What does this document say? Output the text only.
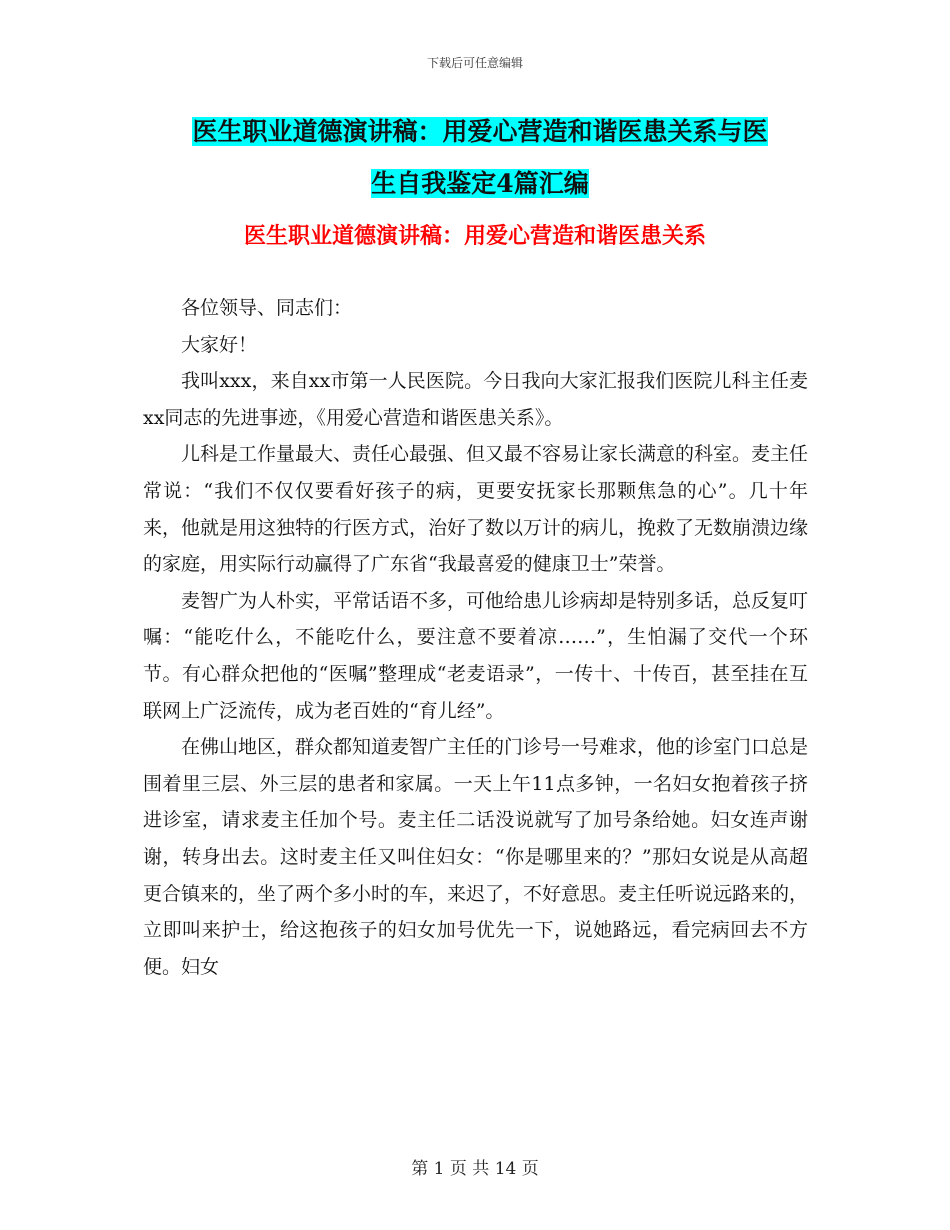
下载后可任意编辑
医生职业道德演讲稿：用爱心营造和谐医患关系与医
生自我鉴定4篇汇编
医生职业道德演讲稿：用爱心营造和谐医患关系

各位领导、同志们：

大家好！

我叫xxx，来自xx市第一人民医院。今日我向大家汇报我们医院儿科主任麦xx同志的先进事迹，《用爱心营造和谐医患关系》。

儿科是工作量最大、责任心最强、但又最不容易让家长满意的科室。麦主任常说：“我们不仅仅要看好孩子的病，更要安抚家长那颗焦急的心”。几十年来，他就是用这独特的行医方式，治好了数以万计的病儿，挽救了无数崩溃边缘的家庭，用实际行动赢得了广东省“我最喜爱的健康卫士”荣誉。

麦智广为人朴实，平常话语不多，可他给患儿诊病却是特别多话，总反复叮嘱：“能吃什么，不能吃什么，要注意不要着凉……”，生怕漏了交代一个环节。有心群众把他的“医嘱”整理成“老麦语录”，一传十、十传百，甚至挂在互联网上广泛流传，成为老百姓的“育儿经”。

在佛山地区，群众都知道麦智广主任的门诊号一号难求，他的诊室门口总是围着里三层、外三层的患者和家属。一天上午11点多钟，一名妇女抱着孩子挤进诊室，请求麦主任加个号。麦主任二话没说就写了加号条给她。妇女连声谢谢，转身出去。这时麦主任又叫住妇女：“你是哪里来的？”那妇女说是从高超更合镇来的，坐了两个多小时的车，来迟了，不好意思。麦主任听说远路来的，立即叫来护士，给这抱孩子的妇女加号优先一下，说她路远，看完病回去不方便。妇女

第 1 页 共 14 页
